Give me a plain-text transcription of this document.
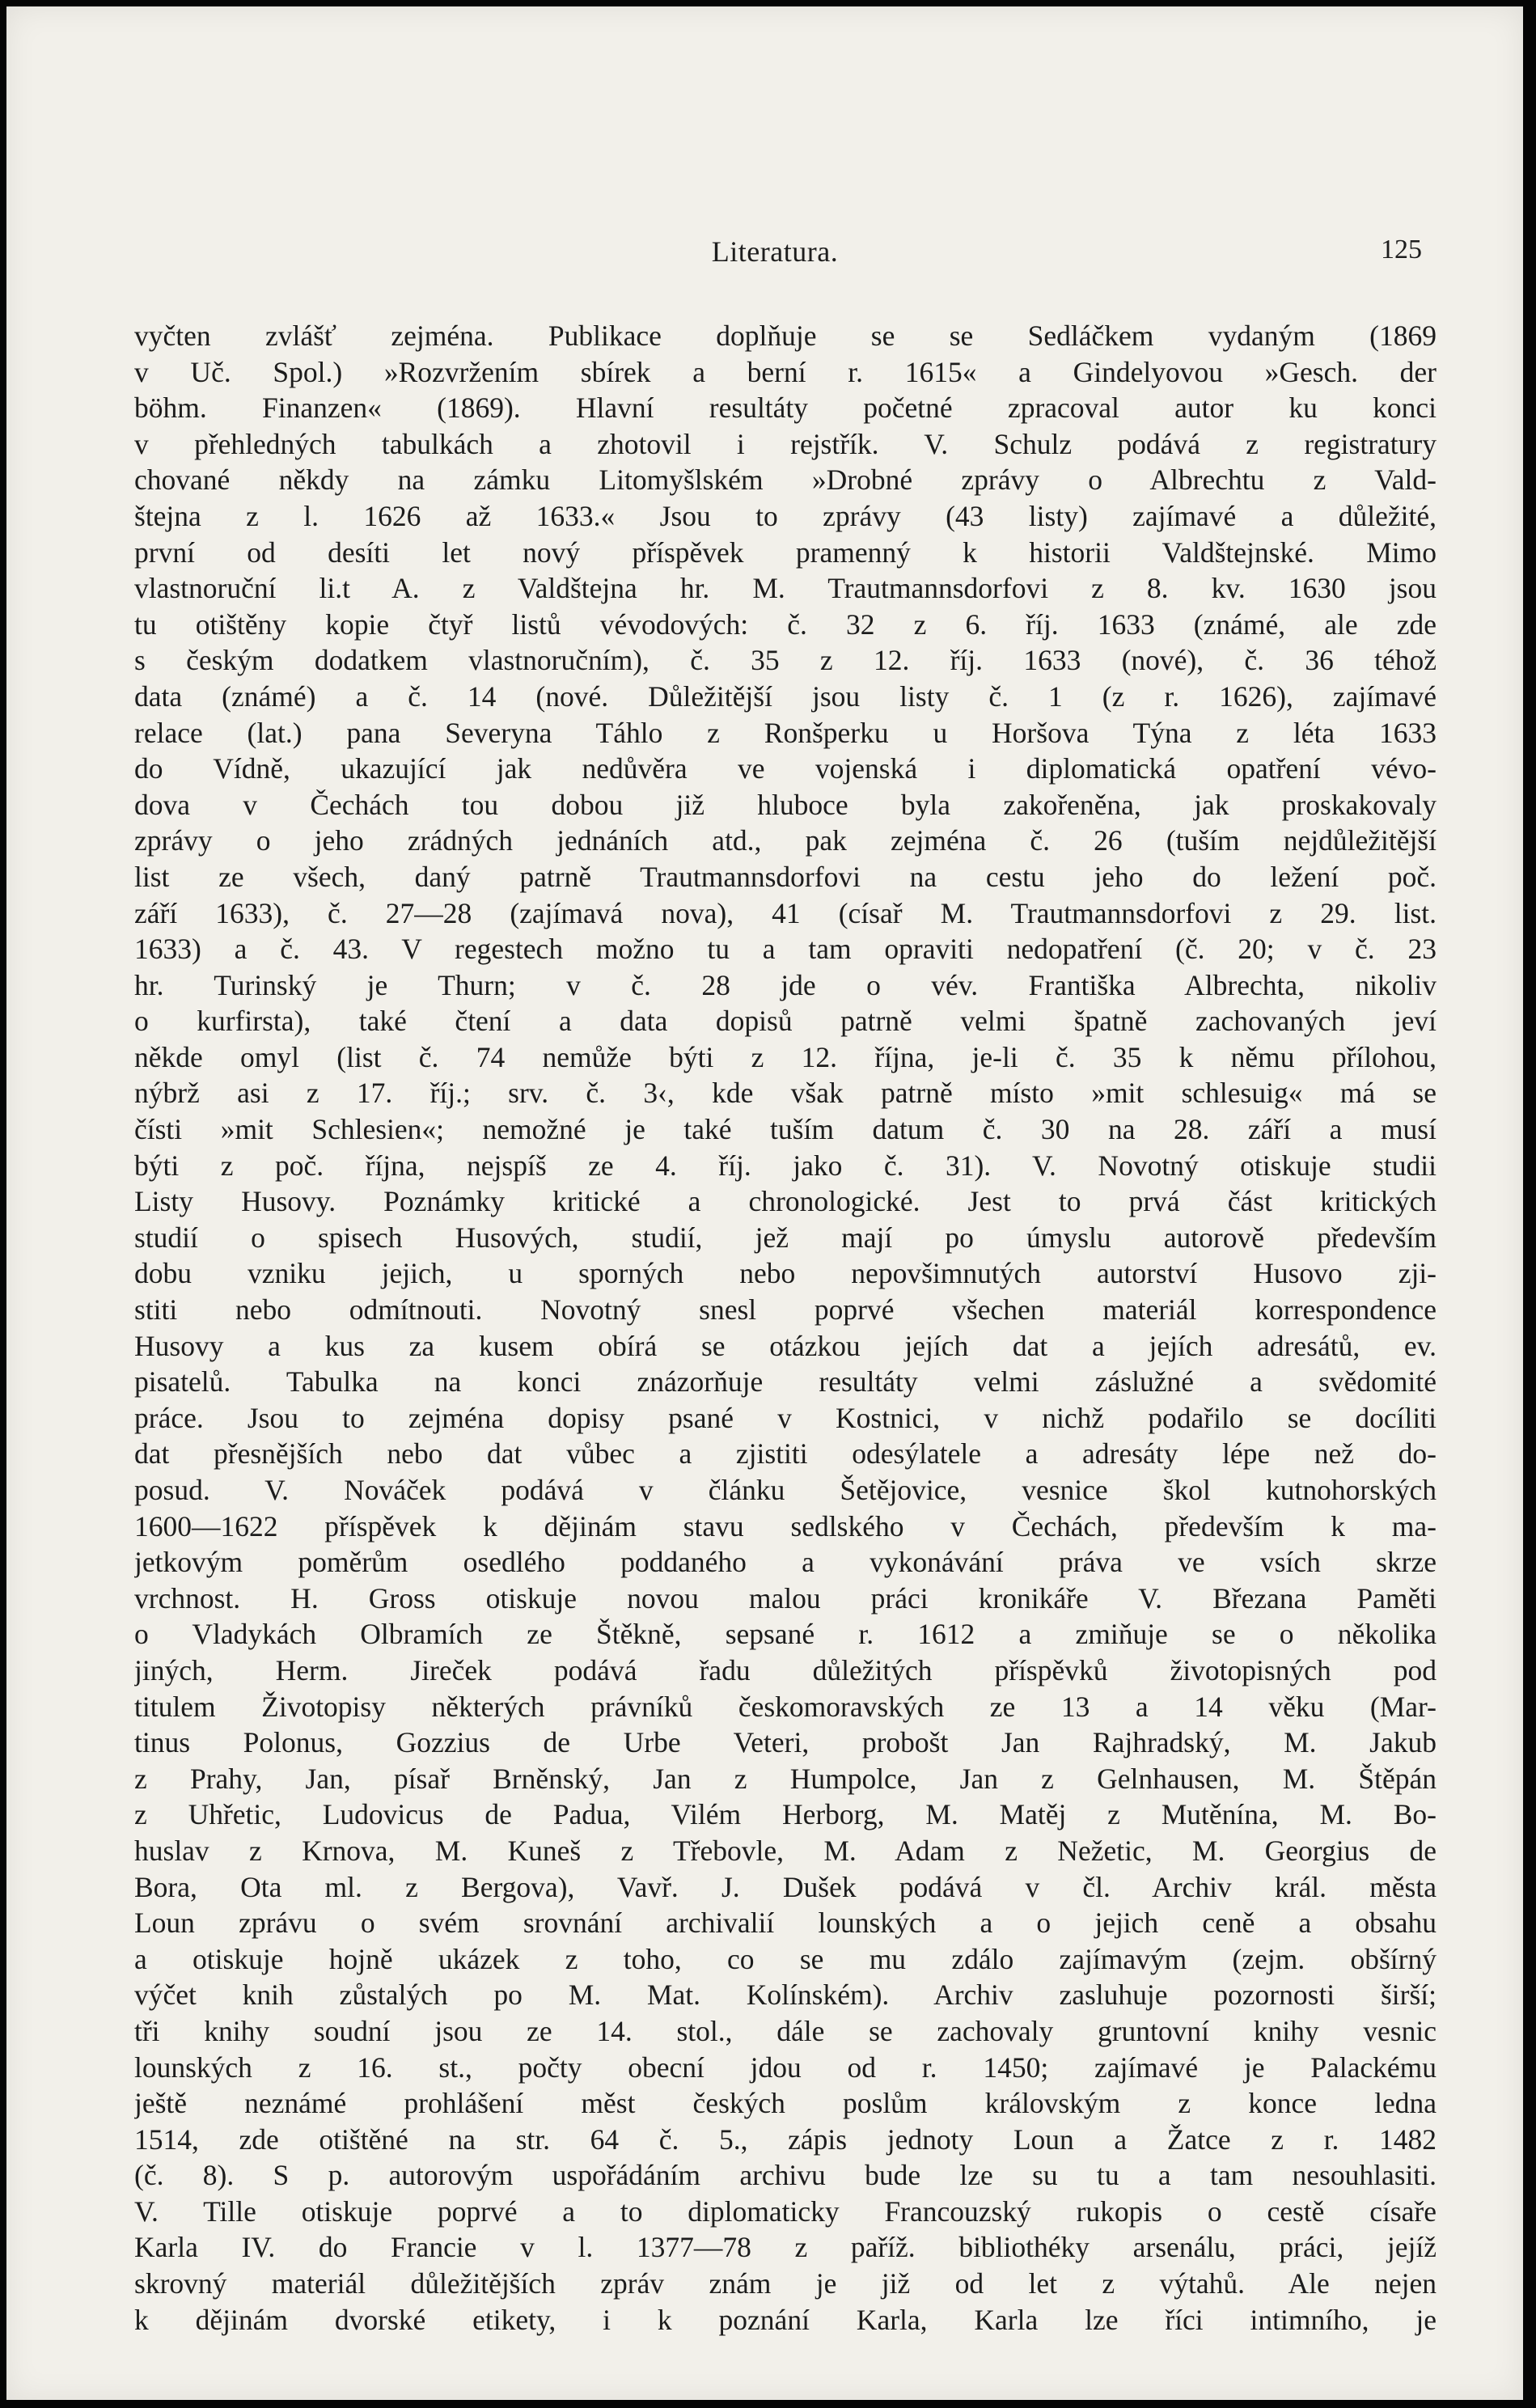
Literatura.	125
vyčten zvlášť zejména. Publikace doplňuje se se Sedláčkem vydaným (1869
v Uč. Spol.) »Rozvržením sbírek a berní r. 1615« a Gindelyovou »Gesch. der
böhm. Finanzen« (1869). Hlavní resultáty početné zpracoval autor ku konci
v přehledných tabulkách a zhotovil i rejstřík. V. Schulz podává z registratury
chované někdy na zámku Litomyšlském »Drobné zprávy o Albrechtu z Vald-
štejna z l. 1626 až 1633.« Jsou to zprávy (43 listy) zajímavé a důležité,
první od desíti let nový příspěvek pramenný k historii Valdštejnské. Mimo
vlastnoruční li.t A. z Valdštejna hr. M. Trautmannsdorfovi z 8. kv. 1630 jsou
tu otištěny kopie čtyř listů vévodových: č. 32 z 6. říj. 1633 (známé, ale zde
s českým dodatkem vlastnoručním), č. 35 z 12. říj. 1633 (nové), č. 36 téhož
data (známé) a č. 14 (nové. Důležitější jsou listy č. 1 (z r. 1626), zajímavé
relace (lat.) pana Severyna Táhlo z Ronšperku u Horšova Týna z léta 1633
do Vídně, ukazující jak nedůvěra ve vojenská i diplomatická opatření vévo-
dova v Čechách tou dobou již hluboce byla zakořeněna, jak proskakovaly
zprávy o jeho zrádných jednáních atd., pak zejména č. 26 (tuším nejdůležitější
list ze všech, daný patrně Trautmannsdorfovi na cestu jeho do ležení poč.
září 1633), č. 27—28 (zajímavá nova), 41 (císař M. Trautmannsdorfovi z 29. list.
1633) a č. 43. V regestech možno tu a tam opraviti nedopatření (č. 20; v č. 23
hr. Turinský je Thurn; v č. 28 jde o vév. Františka Albrechta, nikoliv
o kurfirsta), také čtení a data dopisů patrně velmi špatně zachovaných jeví
někde omyl (list č. 74 nemůže býti z 12. října, je-li č. 35 k němu přílohou,
nýbrž asi z 17. říj.; srv. č. 3‹, kde však patrně místo »mit schlesuig« má se
čísti »mit Schlesien«; nemožné je také tuším datum č. 30 na 28. září a musí
býti z poč. října, nejspíš ze 4. říj. jako č. 31). V. Novotný otiskuje studii
Listy Husovy. Poznámky kritické a chronologické. Jest to prvá část kritických
studií o spisech Husových, studií, jež mají po úmyslu autorově především
dobu vzniku jejich, u sporných nebo nepovšimnutých autorství Husovo zji-
stiti nebo odmítnouti. Novotný snesl poprvé všechen materiál korrespondence
Husovy a kus za kusem obírá se otázkou jejích dat a jejích adresátů, ev.
pisatelů. Tabulka na konci znázorňuje resultáty velmi záslužné a svědomité
práce. Jsou to zejména dopisy psané v Kostnici, v nichž podařilo se docíliti
dat přesnějších nebo dat vůbec a zjistiti odesýlatele a adresáty lépe než do-
posud. V. Nováček podává v článku Šetějovice, vesnice škol kutnohorských
1600—1622 příspěvek k dějinám stavu sedlského v Čechách, především k ma-
jetkovým poměrům osedlého poddaného a vykonávání práva ve vsích skrze
vrchnost. H. Gross otiskuje novou malou práci kronikáře V. Březana Paměti
o Vladykách Olbramích ze Štěkně, sepsané r. 1612 a zmiňuje se o několika
jiných, Herm. Jireček podává řadu důležitých příspěvků životopisných pod
titulem Životopisy některých právníků českomoravských ze 13 a 14 věku (Mar-
tinus Polonus, Gozzius de Urbe Veteri, probošt Jan Rajhradský, M. Jakub
z Prahy, Jan, písař Brněnský, Jan z Humpolce, Jan z Gelnhausen, M. Štěpán
z Uhřetic, Ludovicus de Padua, Vilém Herborg, M. Matěj z Mutěnína, M. Bo-
huslav z Krnova, M. Kuneš z Třebovle, M. Adam z Nežetic, M. Georgius de
Bora, Ota ml. z Bergova), Vavř. J. Dušek podává v čl. Archiv král. města
Loun zprávu o svém srovnání archivalií lounských a o jejich ceně a obsahu
a otiskuje hojně ukázek z toho, co se mu zdálo zajímavým (zejm. obšírný
výčet knih zůstalých po M. Mat. Kolínském). Archiv zasluhuje pozornosti širší;
tři knihy soudní jsou ze 14. stol., dále se zachovaly gruntovní knihy vesnic
lounských z 16. st., počty obecní jdou od r. 1450; zajímavé je Palackému
ještě neznámé prohlášení měst českých poslům královským z konce ledna
1514, zde otištěné na str. 64 č. 5., zápis jednoty Loun a Žatce z r. 1482
(č. 8). S p. autorovým uspořádáním archivu bude lze su tu a tam nesouhlasiti.
V. Tille otiskuje poprvé a to diplomaticky Francouzský rukopis o cestě císaře
Karla IV. do Francie v l. 1377—78 z paříž. bibliothéky arsenálu, práci, jejíž
skrovný materiál důležitějších zpráv znám je již od let z výtahů. Ale nejen
k dějinám dvorské etikety, i k poznání Karla, Karla lze říci intimního, je
